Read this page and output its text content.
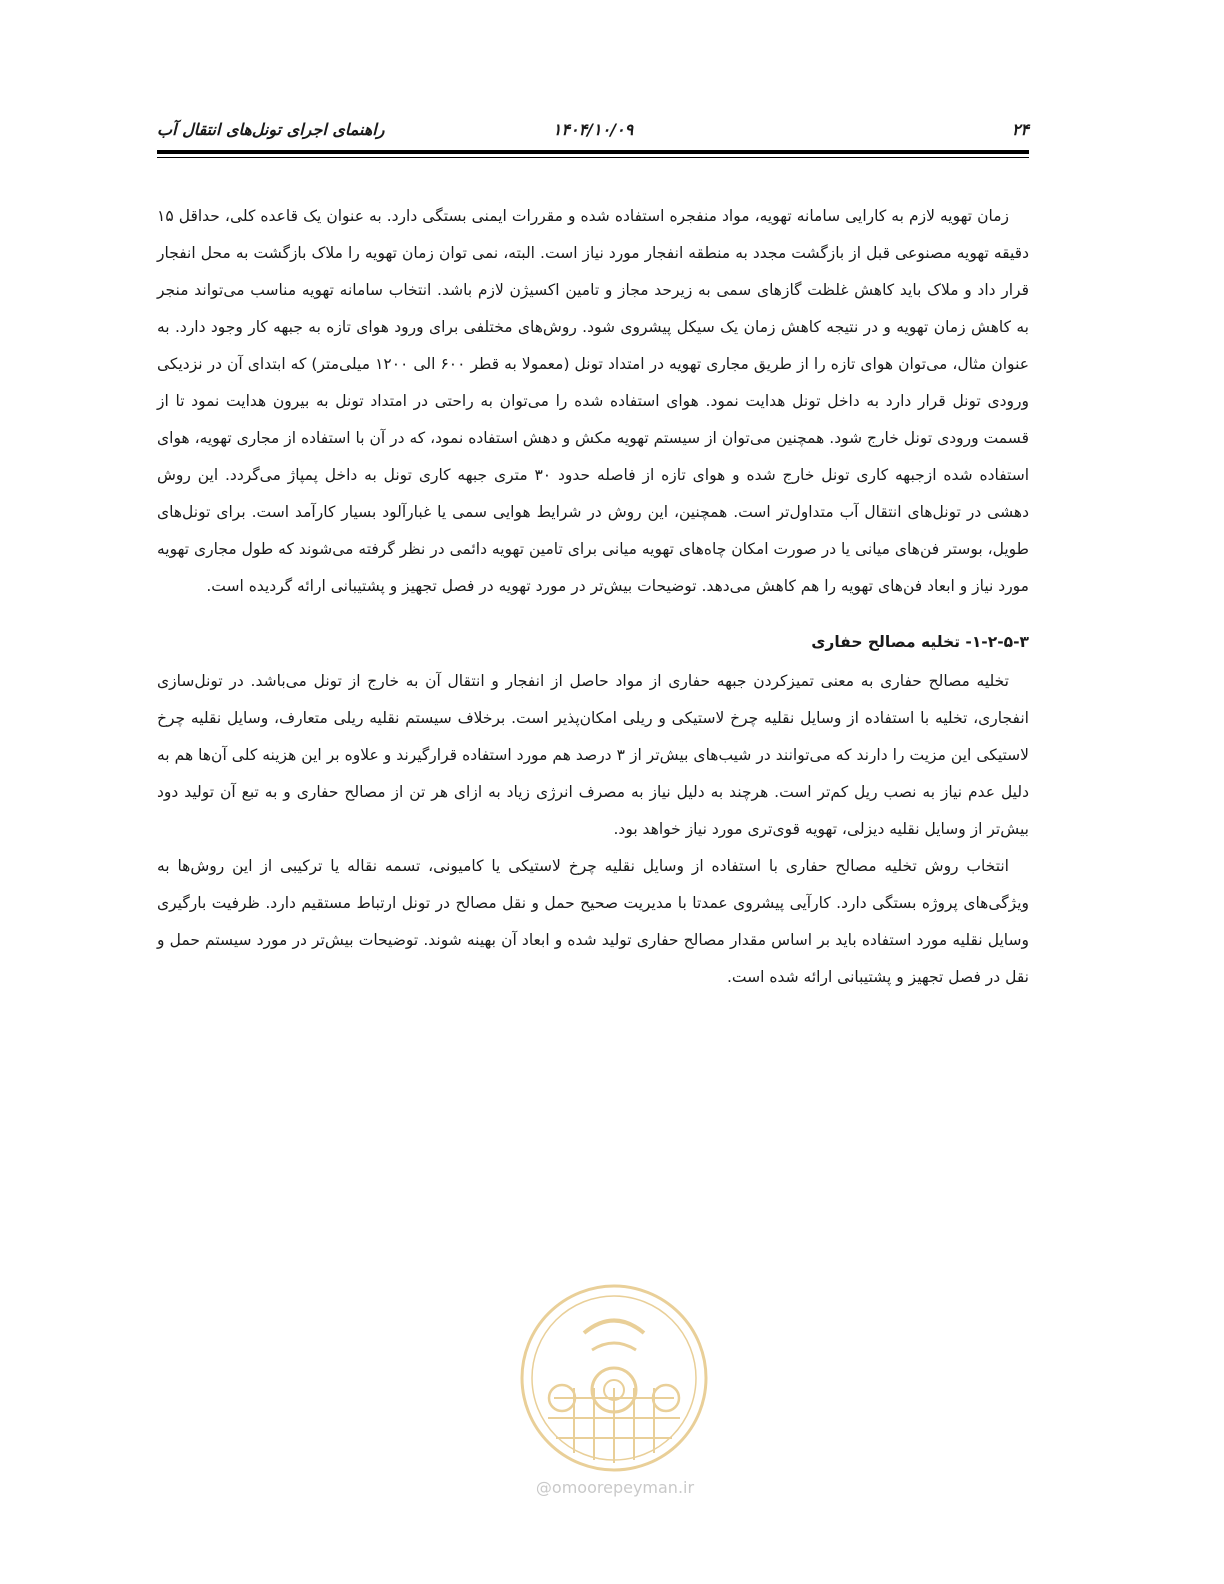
۲۴
۱۴۰۴/۱۰/۰۹
راهنمای اجرای تونل‌های انتقال آب

زمان تهویه لازم به کارایی سامانه تهویه، مواد منفجره استفاده شده و مقررات ایمنی بستگی دارد. به عنوان یک قاعده کلی، حداقل ۱۵ دقیقه تهویه مصنوعی قبل از بازگشت مجدد به منطقه انفجار مورد نیاز است. البته، نمی توان زمان تهویه را ملاک بازگشت به محل انفجار قرار داد و ملاک باید کاهش غلظت گازهای سمی به زیرحد مجاز و تامین اکسیژن لازم باشد. انتخاب سامانه تهویه مناسب می‌تواند منجر به کاهش زمان تهویه و در نتیجه کاهش زمان یک سیکل پیشروی شود. روش‌های مختلفی برای ورود هوای تازه به جبهه کار وجود دارد. به عنوان مثال، می‌توان هوای تازه را از طریق مجاری تهویه در امتداد تونل (معمولا به قطر ۶۰۰ الی ۱۲۰۰ میلی‌متر) که ابتدای آن در نزدیکی ورودی تونل قرار دارد به داخل تونل هدایت نمود. هوای استفاده شده را می‌توان به راحتی در امتداد تونل به بیرون هدایت نمود تا از قسمت ورودی تونل خارج شود. همچنین می‌توان از سیستم تهویه مکش و دهش استفاده نمود، که در آن با استفاده از مجاری تهویه، هوای استفاده شده ازجبهه کاری تونل خارج شده و هوای تازه از فاصله حدود ۳۰ متری جبهه کاری تونل به داخل پمپاژ می‌گردد. این روش دهشی در تونل‌های انتقال آب متداول‌تر است. همچنین، این روش در شرایط هوایی سمی یا غبارآلود بسیار کارآمد است. برای تونل‌های طویل، بوستر فن‌های میانی یا در صورت امکان چاه‌های تهویه میانی برای تامین تهویه دائمی در نظر گرفته می‌شوند که طول مجاری تهویه مورد نیاز و ابعاد فن‌های تهویه را هم کاهش می‌دهد. توضیحات بیش‌تر در مورد تهویه در فصل تجهیز و پشتیبانی ارائه گردیده است.

۱-۲-۵-۳- تخلیه مصالح حفاری

تخلیه مصالح حفاری به معنی تمیزکردن جبهه حفاری از مواد حاصل از انفجار و انتقال آن به خارج از تونل می‌باشد. در تونل‌سازی انفجاری، تخلیه با استفاده از وسایل نقلیه چرخ لاستیکی و ریلی امکان‌پذیر است. برخلاف سیستم نقلیه ریلی متعارف، وسایل نقلیه چرخ لاستیکی این مزیت را دارند که می‌توانند در شیب‌های بیش‌تر از ۳ درصد هم مورد استفاده قرارگیرند و علاوه بر این هزینه کلی آن‌ها هم به دلیل عدم نیاز به نصب ریل کم‌تر است. هرچند به دلیل نیاز به مصرف انرژی زیاد به ازای هر تن از مصالح حفاری و به تبع آن تولید دود بیش‌تر از وسایل نقلیه دیزلی، تهویه قوی‌تری مورد نیاز خواهد بود.

انتخاب روش تخلیه مصالح حفاری با استفاده از وسایل نقلیه چرخ لاستیکی یا کامیونی، تسمه نقاله یا ترکیبی از این روش‌ها به ویژگی‌های پروژه بستگی دارد. کارآیی پیشروی عمدتا با مدیریت صحیح حمل و نقل مصالح در تونل ارتباط مستقیم دارد. ظرفیت بارگیری وسایل نقلیه مورد استفاده باید بر اساس مقدار مصالح حفاری تولید شده و ابعاد آن بهینه شوند. توضیحات بیش‌تر در مورد سیستم حمل و نقل در فصل تجهیز و پشتیبانی ارائه شده است.

@omoorepeyman.ir
